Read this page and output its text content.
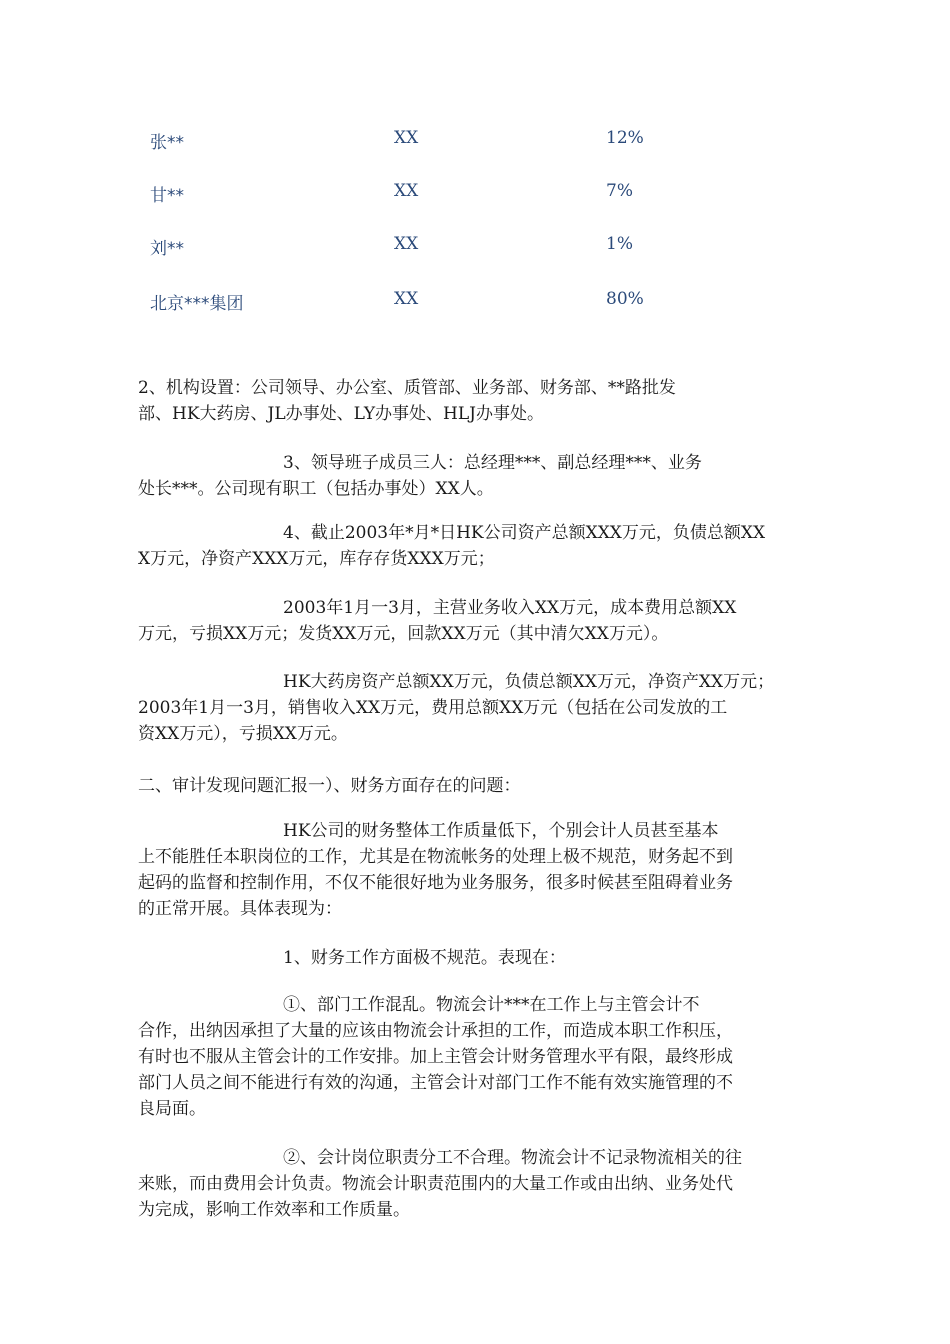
张**	XX	12%
甘**	XX	7%
刘**	XX	1%
北京***集团	XX	80%
2、机构设置：公司领导、办公室、质管部、业务部、财务部、**路批发
部、HK大药房、JL办事处、LY办事处、HLJ办事处。
3、领导班子成员三人：总经理***、副总经理***、业务
处长***。公司现有职工（包括办事处）XX人。
4、截止2003年*月*日HK公司资产总额XXX万元，负债总额XX
X万元，净资产XXX万元，库存存货XXX万元；
2003年1月一3月，主营业务收入XX万元，成本费用总额XX
万元，亏损XX万元；发货XX万元，回款XX万元（其中清欠XX万元）。
HK大药房资产总额XX万元，负债总额XX万元，净资产XX万元；
2003年1月一3月，销售收入XX万元，费用总额XX万元（包括在公司发放的工
资XX万元），亏损XX万元。
二、审计发现问题汇报一）、财务方面存在的问题：
HK公司的财务整体工作质量低下，个别会计人员甚至基本
上不能胜任本职岗位的工作，尤其是在物流帐务的处理上极不规范，财务起不到
起码的监督和控制作用，不仅不能很好地为业务服务，很多时候甚至阻碍着业务
的正常开展。具体表现为：
1、财务工作方面极不规范。表现在：
①、部门工作混乱。物流会计***在工作上与主管会计不
合作，出纳因承担了大量的应该由物流会计承担的工作，而造成本职工作积压，
有时也不服从主管会计的工作安排。加上主管会计财务管理水平有限，最终形成
部门人员之间不能进行有效的沟通，主管会计对部门工作不能有效实施管理的不
良局面。
②、会计岗位职责分工不合理。物流会计不记录物流相关的往
来账，而由费用会计负责。物流会计职责范围内的大量工作或由出纳、业务处代
为完成，影响工作效率和工作质量。
